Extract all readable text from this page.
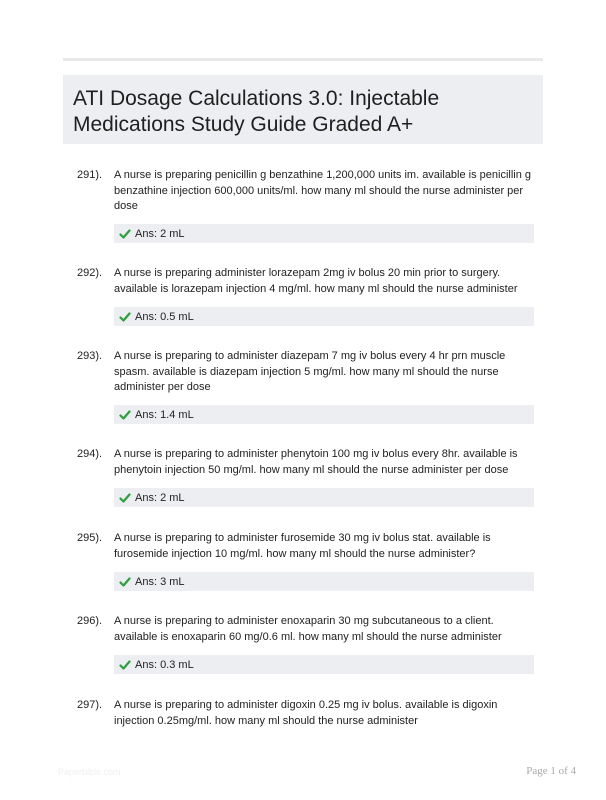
ATI Dosage Calculations 3.0: Injectable
Medications Study Guide Graded A+
291). A nurse is preparing penicillin g benzathine 1,200,000 units im. available is penicillin g benzathine injection 600,000 units/ml. how many ml should the nurse administer per dose
Ans: 2 mL
292). A nurse is preparing administer lorazepam 2mg iv bolus 20 min prior to surgery. available is lorazepam injection 4 mg/ml. how many ml should the nurse administer
Ans: 0.5 mL
293). A nurse is preparing to administer diazepam 7 mg iv bolus every 4 hr prn muscle spasm. available is diazepam injection 5 mg/ml. how many ml should the nurse administer per dose
Ans: 1.4 mL
294). A nurse is preparing to administer phenytoin 100 mg iv bolus every 8hr. available is phenytoin injection 50 mg/ml. how many ml should the nurse administer per dose
Ans: 2 mL
295). A nurse is preparing to administer furosemide 30 mg iv bolus stat. available is furosemide injection 10 mg/ml. how many ml should the nurse administer?
Ans: 3 mL
296). A nurse is preparing to administer enoxaparin 30 mg subcutaneous to a client. available is enoxaparin 60 mg/0.6 ml. how many ml should the nurse administer
Ans: 0.3 mL
297). A nurse is preparing to administer digoxin 0.25 mg iv bolus. available is digoxin injection 0.25mg/ml. how many ml should the nurse administer
Paperbible.com	Page 1 of 4
